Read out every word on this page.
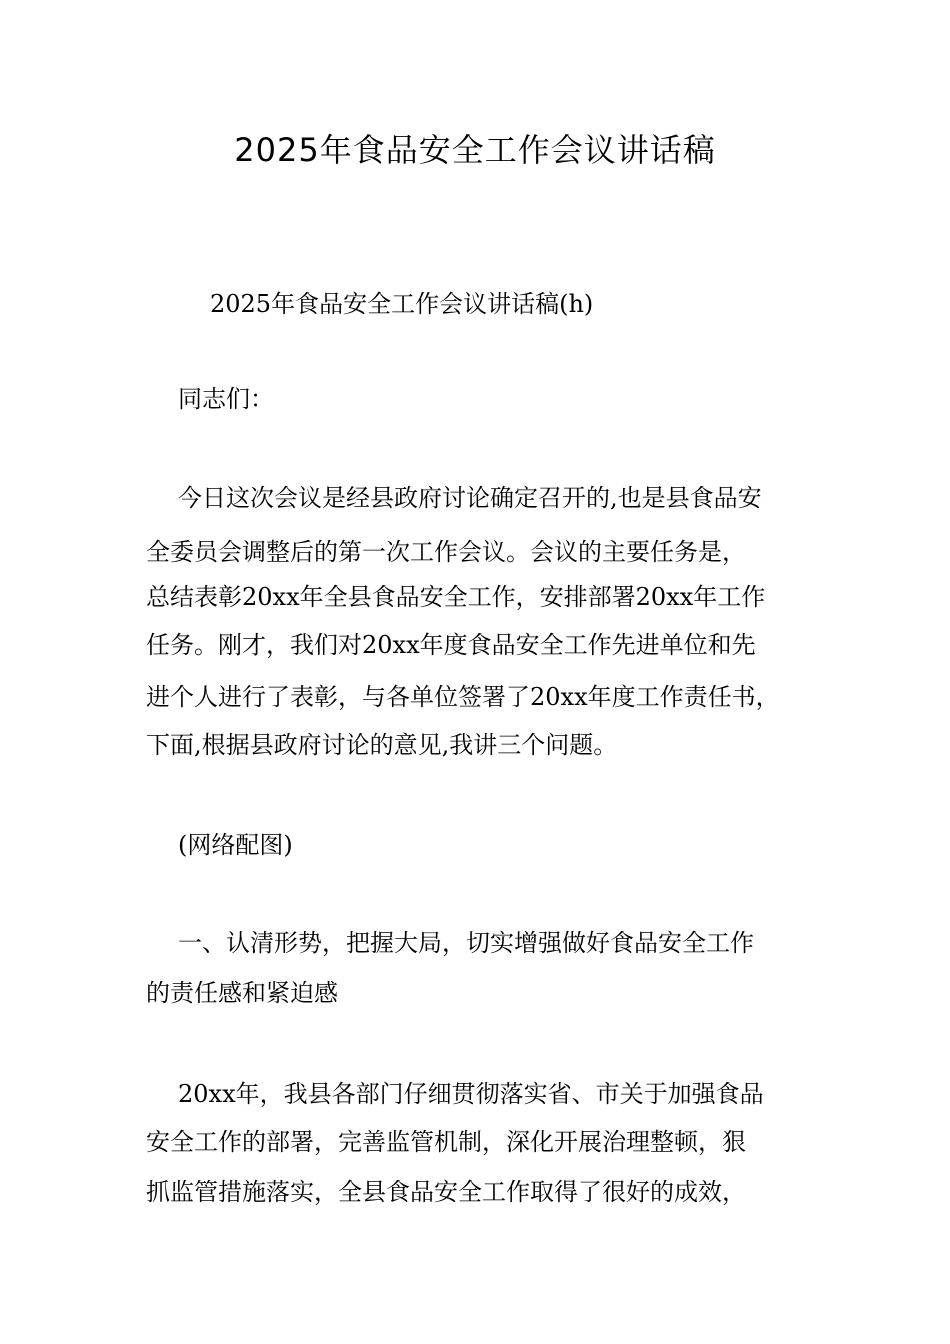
2025年食品安全工作会议讲话稿
2025年食品安全工作会议讲话稿(h)
同志们：
今日这次会议是经县政府讨论确定召开的,也是县食品安
全委员会调整后的第一次工作会议。会议的主要任务是，
总结表彰20xx年全县食品安全工作，安排部署20xx年工作
任务。刚才，我们对20xx年度食品安全工作先进单位和先
进个人进行了表彰，与各单位签署了20xx年度工作责任书，
下面,根据县政府讨论的意见,我讲三个问题。
(网络配图)
一、认清形势，把握大局，切实增强做好食品安全工作
的责任感和紧迫感
20xx年，我县各部门仔细贯彻落实省、市关于加强食品
安全工作的部署，完善监管机制，深化开展治理整顿，狠
抓监管措施落实，全县食品安全工作取得了很好的成效，
